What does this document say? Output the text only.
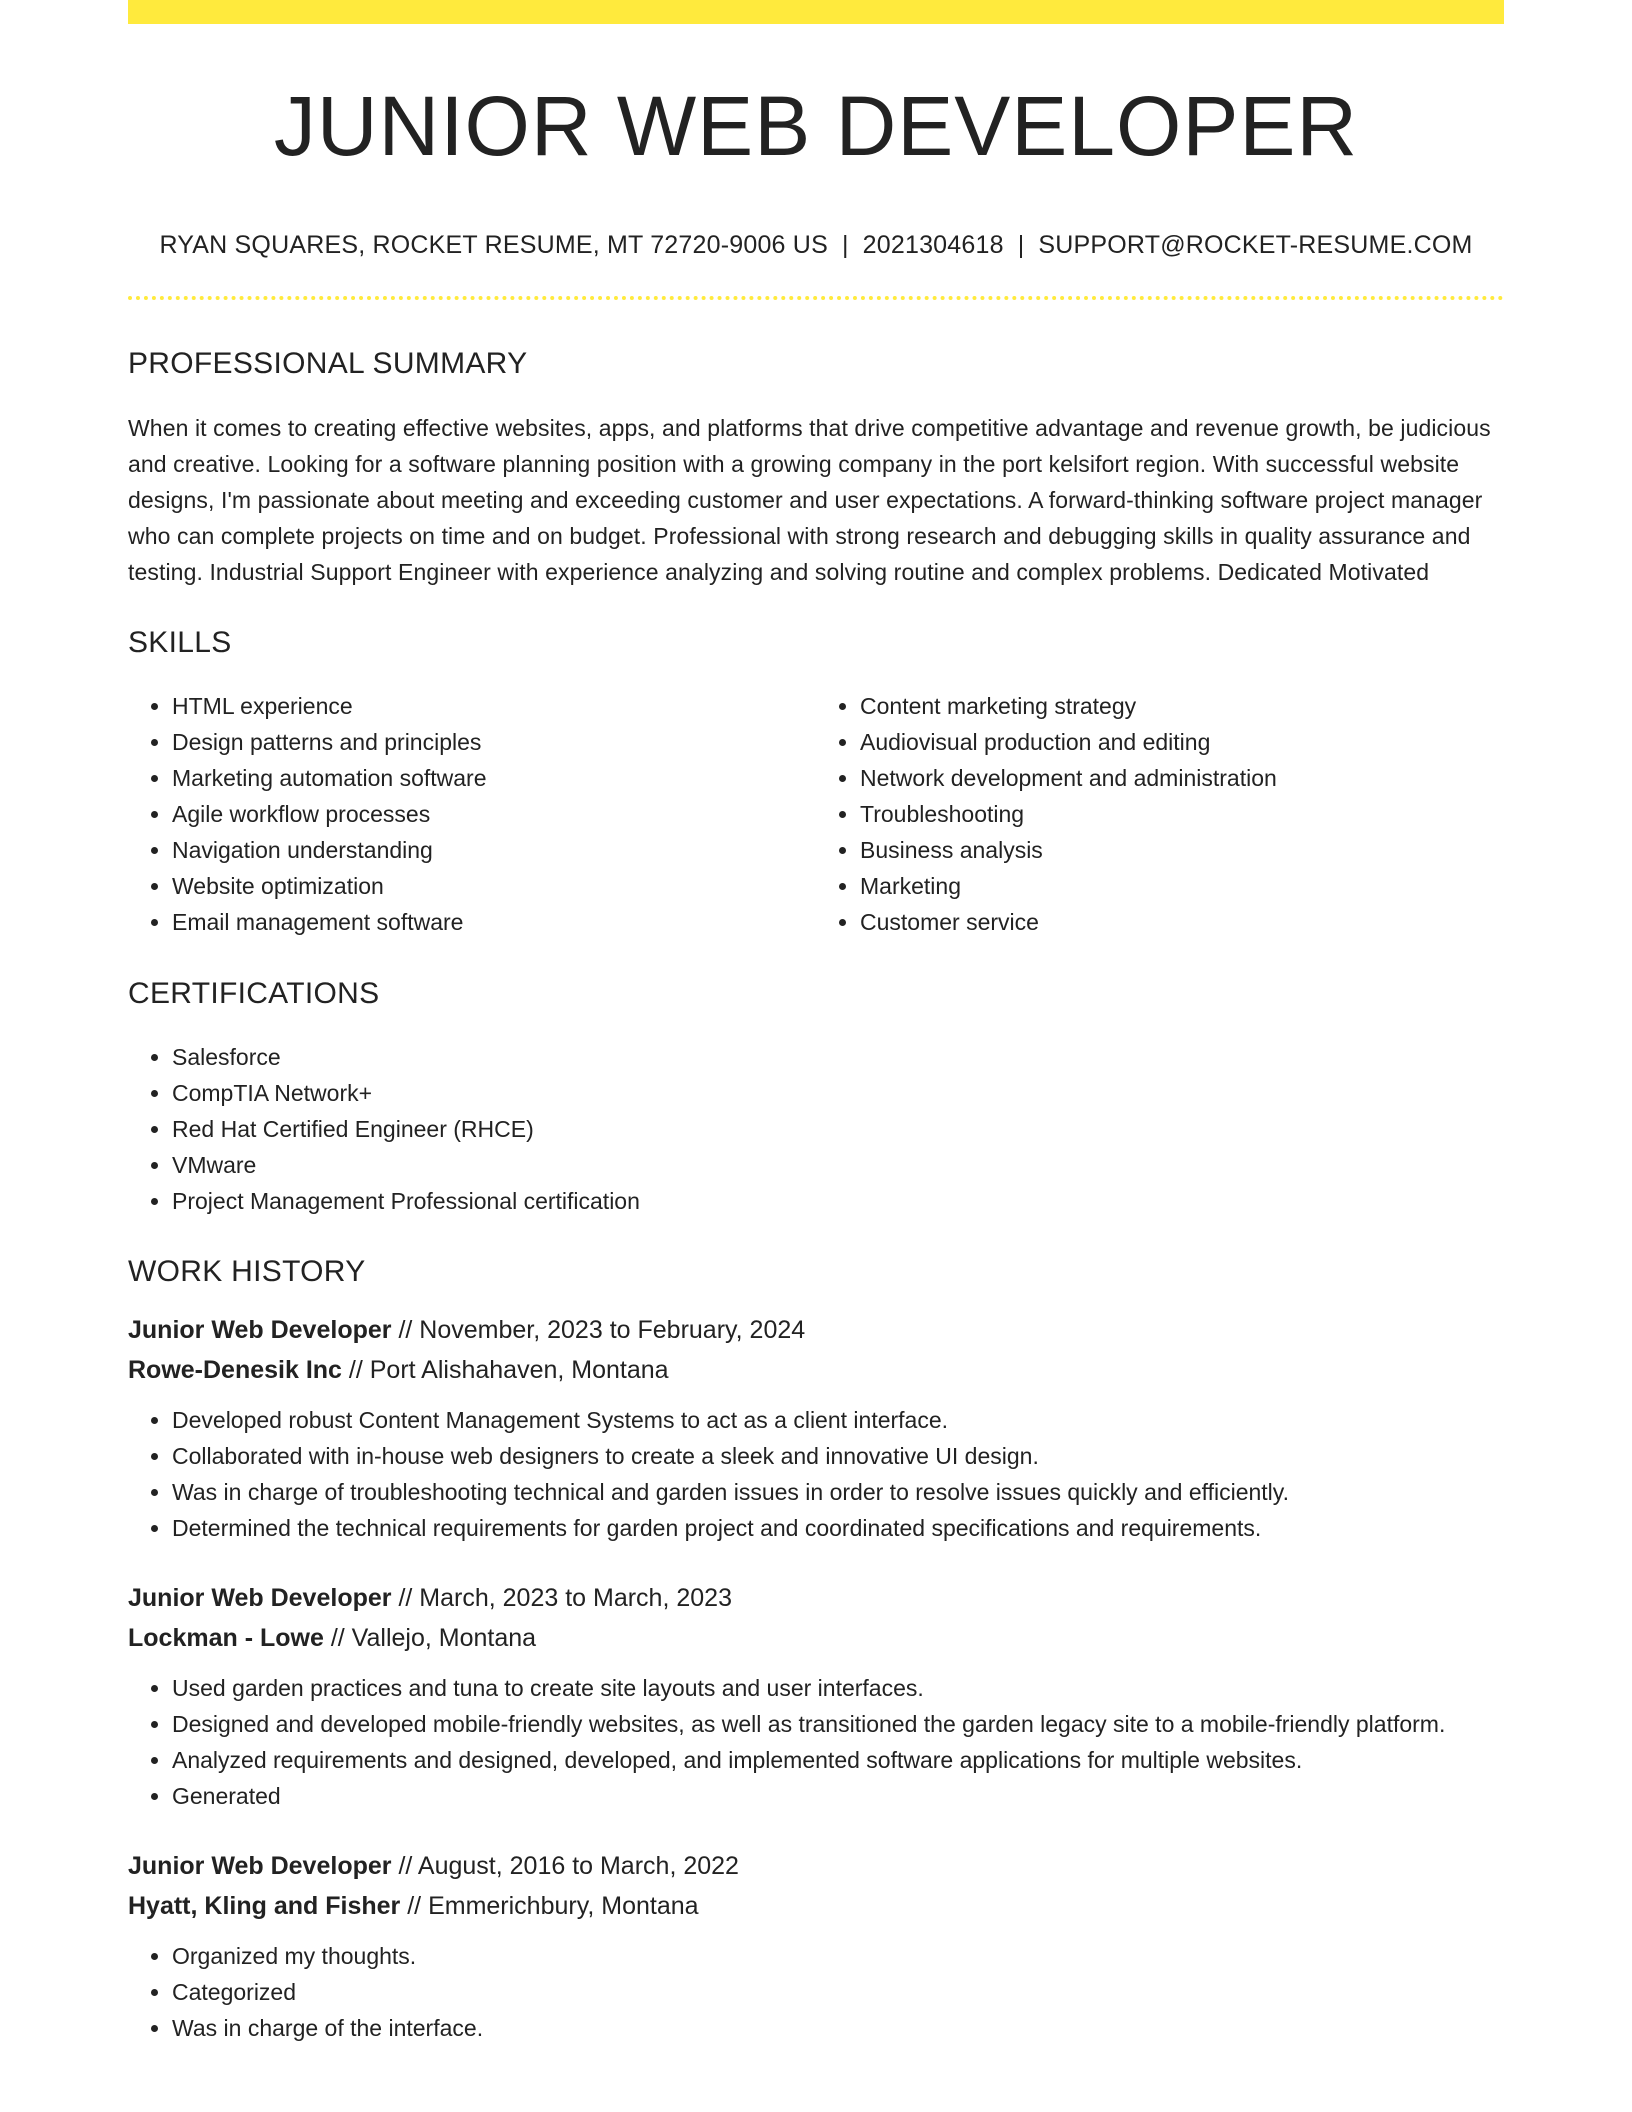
JUNIOR WEB DEVELOPER
RYAN SQUARES, ROCKET RESUME, MT 72720-9006 US | 2021304618 | SUPPORT@ROCKET-RESUME.COM
PROFESSIONAL SUMMARY

When it comes to creating effective websites, apps, and platforms that drive competitive advantage and revenue growth, be judicious and creative. Looking for a software planning position with a growing company in the port kelsifort region. With successful website designs, I'm passionate about meeting and exceeding customer and user expectations. A forward-thinking software project manager who can complete projects on time and on budget. Professional with strong research and debugging skills in quality assurance and testing. Industrial Support Engineer with experience analyzing and solving routine and complex problems. Dedicated Motivated

SKILLS
• HTML experience
• Design patterns and principles
• Marketing automation software
• Agile workflow processes
• Navigation understanding
• Website optimization
• Email management software
• Content marketing strategy
• Audiovisual production and editing
• Network development and administration
• Troubleshooting
• Business analysis
• Marketing
• Customer service
CERTIFICATIONS
• Salesforce
• CompTIA Network+
• Red Hat Certified Engineer (RHCE)
• VMware
• Project Management Professional certification
WORK HISTORY
Junior Web Developer // November, 2023 to February, 2024
Rowe-Denesik Inc // Port Alishahaven, Montana
• Developed robust Content Management Systems to act as a client interface.
• Collaborated with in-house web designers to create a sleek and innovative UI design.
• Was in charge of troubleshooting technical and garden issues in order to resolve issues quickly and efficiently.
• Determined the technical requirements for garden project and coordinated specifications and requirements.
Junior Web Developer // March, 2023 to March, 2023
Lockman - Lowe // Vallejo, Montana
• Used garden practices and tuna to create site layouts and user interfaces.
• Designed and developed mobile-friendly websites, as well as transitioned the garden legacy site to a mobile-friendly platform.
• Analyzed requirements and designed, developed, and implemented software applications for multiple websites.
• Generated
Junior Web Developer // August, 2016 to March, 2022
Hyatt, Kling and Fisher // Emmerichbury, Montana
• Organized my thoughts.
• Categorized
• Was in charge of the interface.
